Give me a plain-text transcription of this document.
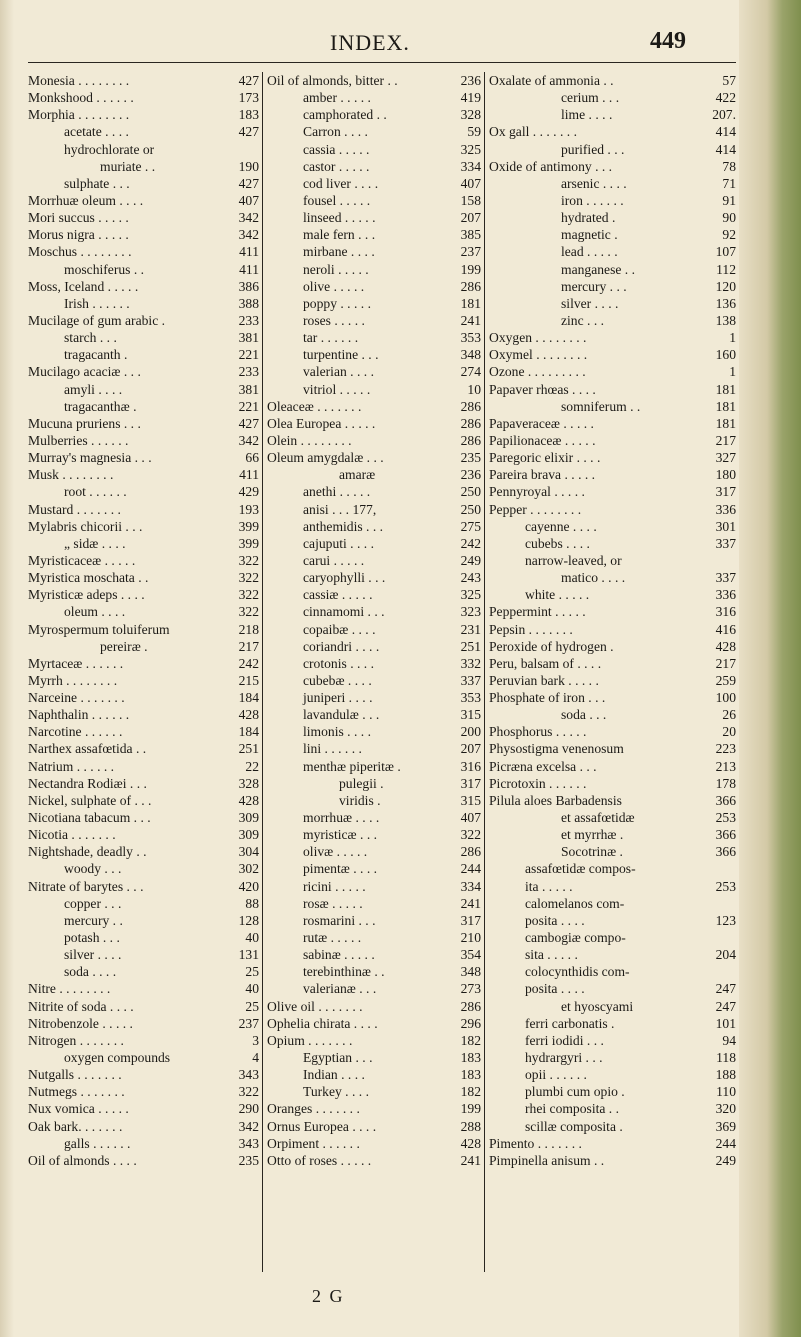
INDEX.	449
Monesia . . . . . . . .	427
Monkshood . . . . . .	173
Morphia . . . . . . . .	183
acetate . . . .	427
hydrochlorate or
muriate . .	190
sulphate . . .	427
Morrhuæ oleum . . . .	407
Mori succus . . . . .	342
Morus nigra . . . . .	342
Moschus . . . . . . . .	411
moschiferus . .	411
Moss, Iceland . . . . .	386
Irish . . . . . .	388
Mucilage of gum arabic .	233
starch . . .	381
tragacanth .	221
Mucilago acaciæ . . .	233
amyli . . . .	381
tragacanthæ .	221
Mucuna pruriens . . .	427
Mulberries . . . . . .	342
Murray's magnesia . . .	66
Musk . . . . . . . .	411
root . . . . . .	429
Mustard . . . . . . .	193
Mylabris chicorii . . .	399
„ sidæ . . . .	399
Myristicaceæ . . . . .	322
Myristica moschata . .	322
Myristicæ adeps . . . .	322
oleum . . . .	322
Myrospermum toluiferum	218
pereiræ .	217
Myrtaceæ . . . . . .	242
Myrrh . . . . . . . .	215
Narceine . . . . . . .	184
Naphthalin . . . . . .	428
Narcotine . . . . . .	184
Narthex assafœtida . .	251
Natrium . . . . . .	22
Nectandra Rodiæi . . .	328
Nickel, sulphate of . . .	428
Nicotiana tabacum . . .	309
Nicotia . . . . . . .	309
Nightshade, deadly . .	304
woody . . .	302
Nitrate of barytes . . .	420
copper . . .	88
mercury . .	128
potash . . .	40
silver . . . .	131
soda . . . .	25
Nitre . . . . . . . .	40
Nitrite of soda . . . .	25
Nitrobenzole . . . . .	237
Nitrogen . . . . . . .	3
oxygen compounds	4
Nutgalls . . . . . . .	343
Nutmegs . . . . . . .	322
Nux vomica . . . . .	290
Oak bark. . . . . . .	342
galls . . . . . .	343
Oil of almonds . . . .	235
Oil of almonds, bitter . .	236
amber . . . . .	419
camphorated . .	328
Carron . . . .	59
cassia . . . . .	325
castor . . . . .	334
cod liver . . . .	407
fousel . . . . .	158
linseed . . . . .	207
male fern . . .	385
mirbane . . . .	237
neroli . . . . .	199
olive . . . . .	286
poppy . . . . .	181
roses . . . . .	241
tar . . . . . .	353
turpentine . . .	348
valerian . . . .	274
vitriol . . . . .	10
Oleaceæ . . . . . . .	286
Olea Europea . . . . .	286
Olein . . . . . . . .	286
Oleum amygdalæ . . .	235
amaræ	236
anethi . . . . .	250
anisi . . . 177,	250
anthemidis . . .	275
cajuputi . . . .	242
carui . . . . .	249
caryophylli . . .	243
cassiæ . . . . .	325
cinnamomi . . .	323
copaibæ . . . .	231
coriandri . . . .	251
crotonis . . . .	332
cubebæ . . . .	337
juniperi . . . .	353
lavandulæ . . .	315
limonis . . . .	200
lini . . . . . .	207
menthæ piperitæ .	316
pulegii .	317
viridis .	315
morrhuæ . . . .	407
myristicæ . . .	322
olivæ . . . . .	286
pimentæ . . . .	244
ricini . . . . .	334
rosæ . . . . .	241
rosmarini . . .	317
rutæ . . . . .	210
sabinæ . . . . .	354
terebinthinæ . .	348
valerianæ . . .	273
Olive oil . . . . . . .	286
Ophelia chirata . . . .	296
Opium . . . . . . .	182
Egyptian . . .	183
Indian . . . .	183
Turkey . . . .	182
Oranges . . . . . . .	199
Ornus Europea . . . .	288
Orpiment . . . . . .	428
Otto of roses . . . . .	241
Oxalate of ammonia . .	57
cerium . . .	422
lime . . . .	207.
Ox gall . . . . . . .	414
purified . . .	414
Oxide of antimony . . .	78
arsenic . . . .	71
iron . . . . . .	91
hydrated .	90
magnetic .	92
lead . . . . .	107
manganese . .	112
mercury . . .	120
silver . . . .	136
zinc . . .	138
Oxygen . . . . . . . .	1
Oxymel . . . . . . . .	160
Ozone . . . . . . . . .	1
Papaver rhœas . . . .	181
somniferum . .	181
Papaveraceæ . . . . .	181
Papilionaceæ . . . . .	217
Paregoric elixir . . . .	327
Pareira brava . . . . .	180
Pennyroyal . . . . .	317
Pepper . . . . . . . .	336
cayenne . . . .	301
cubebs . . . .	337
narrow-leaved, or
matico . . . .	337
white . . . . .	336
Peppermint . . . . .	316
Pepsin . . . . . . .	416
Peroxide of hydrogen .	428
Peru, balsam of . . . .	217
Peruvian bark . . . . .	259
Phosphate of iron . . .	100
soda . . .	26
Phosphorus . . . . .	20
Physostigma venenosum	223
Picræna excelsa . . .	213
Picrotoxin . . . . . .	178
Pilula aloes Barbadensis	366
et assafœtidæ	253
et myrrhæ .	366
Socotrinæ .	366
assafœtidæ compos-
ita . . . . .	253
calomelanos com-
posita . . . .	123
cambogiæ compo-
sita . . . . .	204
colocynthidis com-
posita . . . .	247
et hyoscyami	247
ferri carbonatis .	101
ferri iodidi . . .	94
hydrargyri . . .	118
opii . . . . . .	188
plumbi cum opio .	110
rhei composita . .	320
scillæ composita .	369
Pimento . . . . . . .	244
Pimpinella anisum . .	249
2 G
